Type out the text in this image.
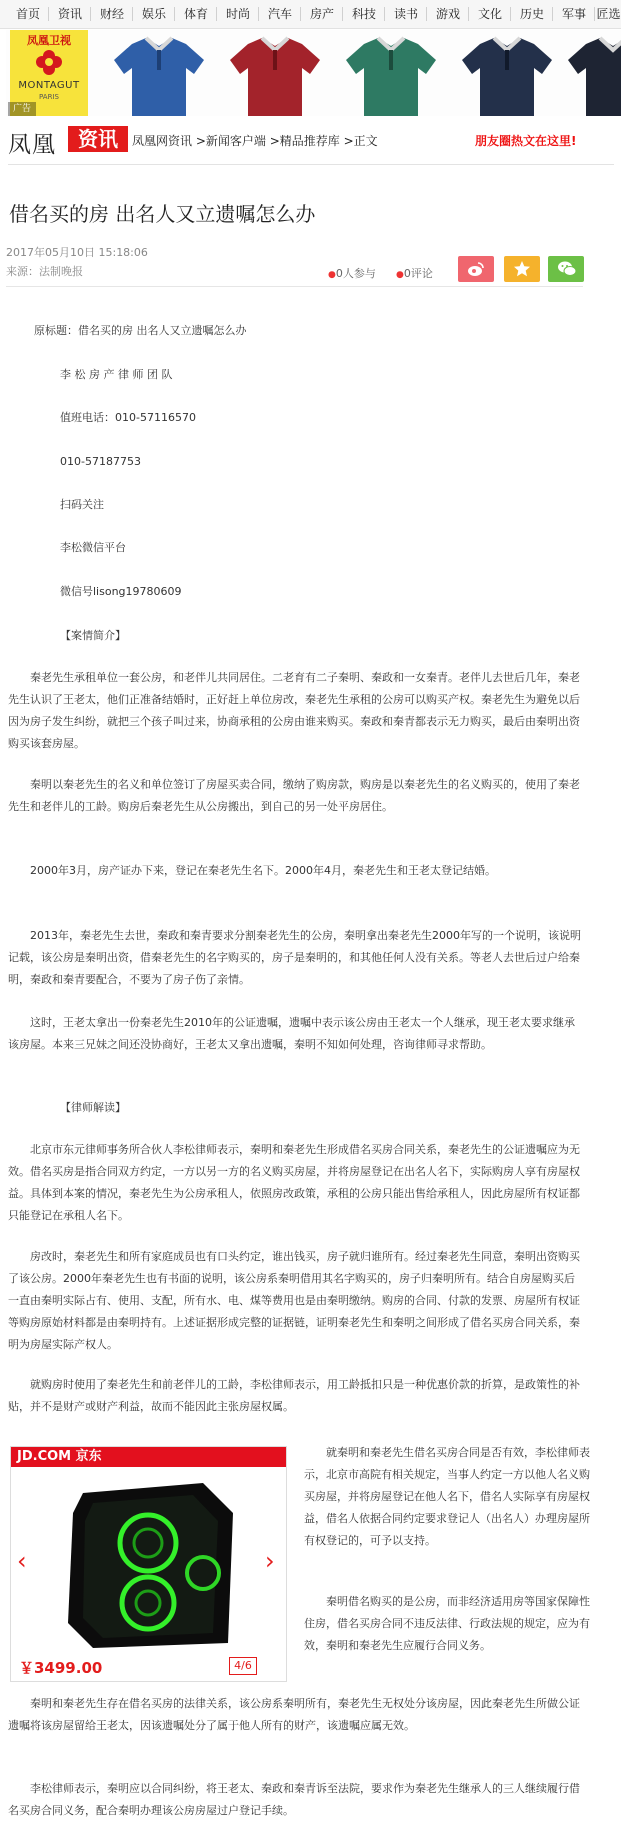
首页	资讯	财经	娱乐	体育	时尚	汽车	房产	科技	读书	游戏	文化	历史	军事 匠选
凤凰卫视
MONTAGUT
PARIS
广告
凤凰	资讯	凤凰网资讯 >新闻客户端 >精品推荐库 >正文	朋友圈热文在这里!
借名买的房 出名人又立遗嘱怎么办
2017年05月10日 15:18:06
来源：法制晚报	●0人参与 ●0评论
原标题：借名买的房 出名人又立遗嘱怎么办
李 松 房 产 律 师 团 队
值班电话：010-57116570
010-57187753
扫码关注
李松微信平台
微信号lisong19780609
【案情简介】
秦老先生承租单位一套公房，和老伴儿共同居住。二老育有二子秦明、秦政和一女秦青。老伴儿去世后几年，秦老先生认识了王老太，他们正准备结婚时，正好赶上单位房改，秦老先生承租的公房可以购买产权。秦老先生为避免以后因为房子发生纠纷，就把三个孩子叫过来，协商承租的公房由谁来购买。秦政和秦青都表示无力购买，最后由秦明出资购买该套房屋。
秦明以秦老先生的名义和单位签订了房屋买卖合同，缴纳了购房款，购房是以秦老先生的名义购买的，使用了秦老先生和老伴儿的工龄。购房后秦老先生从公房搬出，到自己的另一处平房居住。
2000年3月，房产证办下来，登记在秦老先生名下。2000年4月，秦老先生和王老太登记结婚。
2013年，秦老先生去世，秦政和秦青要求分割秦老先生的公房，秦明拿出秦老先生2000年写的一个说明，该说明记载，该公房是秦明出资，借秦老先生的名字购买的，房子是秦明的，和其他任何人没有关系。等老人去世后过户给秦明，秦政和秦青要配合，不要为了房子伤了亲情。
这时，王老太拿出一份秦老先生2010年的公证遗嘱，遗嘱中表示该公房由王老太一个人继承，现王老太要求继承该房屋。本来三兄妹之间还没协商好，王老太又拿出遗嘱，秦明不知如何处理，咨询律师寻求帮助。
【律师解读】
北京市东元律师事务所合伙人李松律师表示，秦明和秦老先生形成借名买房合同关系，秦老先生的公证遗嘱应为无效。借名买房是指合同双方约定，一方以另一方的名义购买房屋，并将房屋登记在出名人名下，实际购房人享有房屋权益。具体到本案的情况，秦老先生为公房承租人，依照房改政策，承租的公房只能出售给承租人，因此房屋所有权证都只能登记在承租人名下。
房改时，秦老先生和所有家庭成员也有口头约定，谁出钱买，房子就归谁所有。经过秦老先生同意，秦明出资购买了该公房。2000年秦老先生也有书面的说明，该公房系秦明借用其名字购买的，房子归秦明所有。结合自房屋购买后一直由秦明实际占有、使用、支配，所有水、电、煤等费用也是由秦明缴纳。购房的合同、付款的发票、房屋所有权证等购房原始材料都是由秦明持有。上述证据形成完整的证据链，证明秦老先生和秦明之间形成了借名买房合同关系，秦明为房屋实际产权人。
就购房时使用了秦老先生和前老伴儿的工龄，李松律师表示，用工龄抵扣只是一种优惠价款的折算，是政策性的补贴，并不是财产或财产利益，故而不能因此主张房屋权属。
JD.COM 京东
‹	›
￥3499.00	4/6
就秦明和秦老先生借名买房合同是否有效，李松律师表示，北京市高院有相关规定，当事人约定一方以他人名义购买房屋，并将房屋登记在他人名下，借名人实际享有房屋权益，借名人依据合同约定要求登记人（出名人）办理房屋所有权登记的，可予以支持。
秦明借名购买的是公房，而非经济适用房等国家保障性住房，借名买房合同不违反法律、行政法规的规定，应为有效，秦明和秦老先生应履行合同义务。
秦明和秦老先生存在借名买房的法律关系，该公房系秦明所有，秦老先生无权处分该房屋，因此秦老先生所做公证遗嘱将该房屋留给王老太，因该遗嘱处分了属于他人所有的财产，该遗嘱应属无效。
李松律师表示，秦明应以合同纠纷，将王老太、秦政和秦青诉至法院，要求作为秦老先生继承人的三人继续履行借名买房合同义务，配合秦明办理该公房房屋过户登记手续。
